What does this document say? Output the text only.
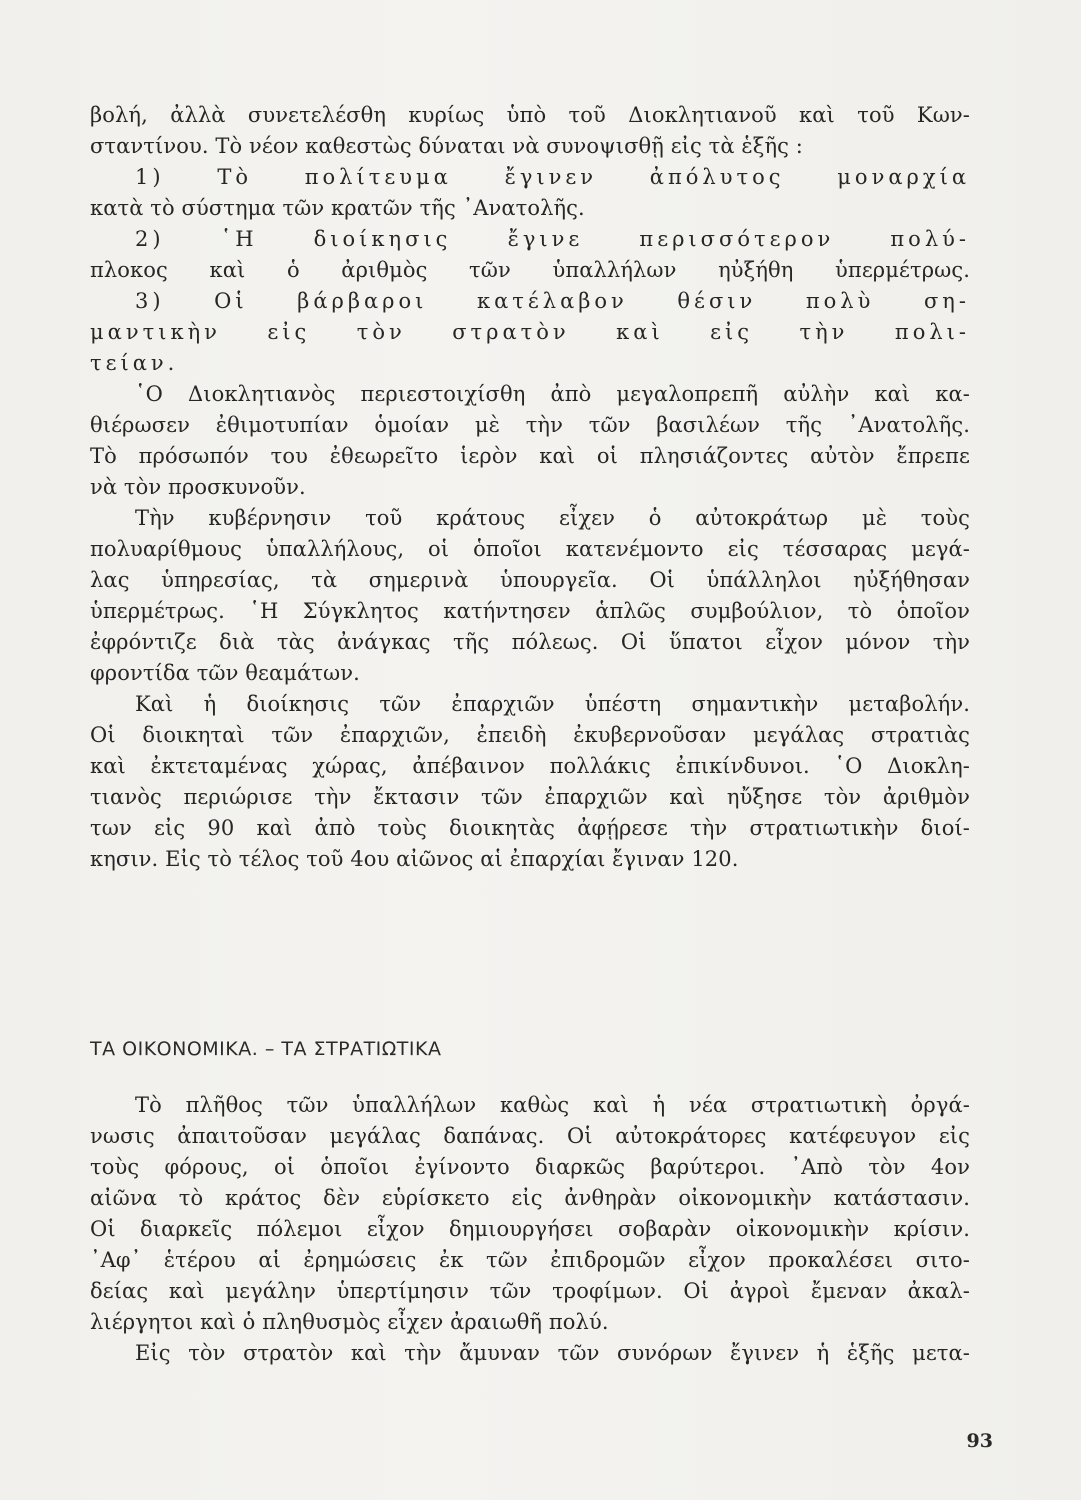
βολή, ἀλλὰ συνετελέσθη κυρίως ὑπὸ τοῦ Διοκλητιανοῦ καὶ τοῦ Κων-
σταντίνου. Τὸ νέον καθεστὼς δύναται νὰ συνοψισθῇ εἰς τὰ ἑξῆς :
1) Τὸ πολίτευμα ἔγινεν ἀπόλυτος μοναρχία
κατὰ τὸ σύστημα τῶν κρατῶν τῆς ᾿Ανατολῆς.
2) ῾Η διοίκησις ἔγινε περισσότερον πολύ-
πλοκος καὶ ὁ ἀριθμὸς τῶν ὑπαλλήλων ηὐξήθη ὑπερμέτρως.
3) Οἱ βάρβαροι κατέλαβον θέσιν πολὺ ση-
μαντικὴν εἰς τὸν στρατὸν καὶ εἰς τὴν πολι-
τείαν.
῾Ο Διοκλητιανὸς περιεστοιχίσθη ἀπὸ μεγαλοπρεπῆ αὐλὴν καὶ κα-
θιέρωσεν ἐθιμοτυπίαν ὁμοίαν μὲ τὴν τῶν βασιλέων τῆς ᾿Ανατολῆς.
Τὸ πρόσωπόν του ἐθεωρεῖτο ἱερὸν καὶ οἱ πλησιάζοντες αὐτὸν ἔπρεπε
νὰ τὸν προσκυνοῦν.
Τὴν κυβέρνησιν τοῦ κράτους εἶχεν ὁ αὐτοκράτωρ μὲ τοὺς
πολυαρίθμους ὑπαλλήλους, οἱ ὁποῖοι κατενέμοντο εἰς τέσσαρας μεγά-
λας ὑπηρεσίας, τὰ σημερινὰ ὑπουργεῖα. Οἱ ὑπάλληλοι ηὐξήθησαν
ὑπερμέτρως. ῾Η Σύγκλητος κατήντησεν ἁπλῶς συμβούλιον, τὸ ὁποῖον
ἐφρόντιζε διὰ τὰς ἀνάγκας τῆς πόλεως. Οἱ ὕπατοι εἶχον μόνον τὴν
φροντίδα τῶν θεαμάτων.
Καὶ ἡ διοίκησις τῶν ἐπαρχιῶν ὑπέστη σημαντικὴν μεταβολήν.
Οἱ διοικηταὶ τῶν ἐπαρχιῶν, ἐπειδὴ ἐκυβερνοῦσαν μεγάλας στρατιὰς
καὶ ἐκτεταμένας χώρας, ἀπέβαινον πολλάκις ἐπικίνδυνοι. ῾Ο Διοκλη-
τιανὸς περιώρισε τὴν ἔκτασιν τῶν ἐπαρχιῶν καὶ ηὔξησε τὸν ἀριθμὸν
των εἰς 90 καὶ ἀπὸ τοὺς διοικητὰς ἀφῄρεσε τὴν στρατιωτικὴν διοί-
κησιν. Εἰς τὸ τέλος τοῦ 4ου αἰῶνος αἱ ἐπαρχίαι ἔγιναν 120.
ΤΑ ΟΙΚΟΝΟΜΙΚΑ. – ΤΑ ΣΤΡΑΤΙΩΤΙΚΑ
Τὸ πλῆθος τῶν ὑπαλλήλων καθὼς καὶ ἡ νέα στρατιωτικὴ ὀργά-
νωσις ἀπαιτοῦσαν μεγάλας δαπάνας. Οἱ αὐτοκράτορες κατέφευγον εἰς
τοὺς φόρους, οἱ ὁποῖοι ἐγίνοντο διαρκῶς βαρύτεροι. ᾿Απὸ τὸν 4ον
αἰῶνα τὸ κράτος δὲν εὑρίσκετο εἰς ἀνθηρὰν οἰκονομικὴν κατάστασιν.
Οἱ διαρκεῖς πόλεμοι εἶχον δημιουργήσει σοβαρὰν οἰκονομικὴν κρίσιν.
᾿Αφ᾿ ἑτέρου αἱ ἐρημώσεις ἐκ τῶν ἐπιδρομῶν εἶχον προκαλέσει σιτο-
δείας καὶ μεγάλην ὑπερτίμησιν τῶν τροφίμων. Οἱ ἀγροὶ ἔμεναν ἀκαλ-
λιέργητοι καὶ ὁ πληθυσμὸς εἶχεν ἀραιωθῆ πολύ.
Εἰς τὸν στρατὸν καὶ τὴν ἄμυναν τῶν συνόρων ἔγινεν ἡ ἑξῆς μετα-
93
